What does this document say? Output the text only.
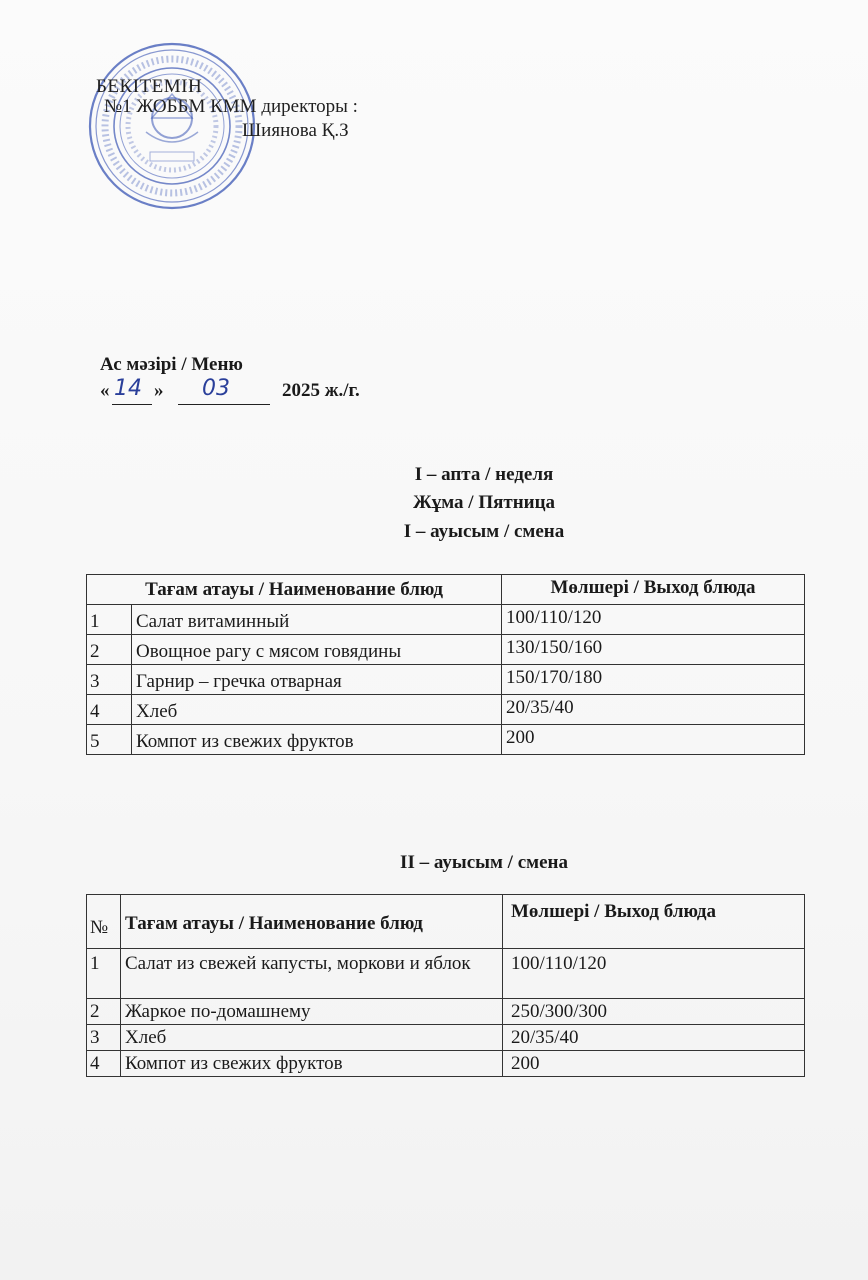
БЕКІТЕМІН
№1 ЖОББМ КММ директоры :
Шиянова Қ.З
Ас мәзірі / Меню
« 14 » 03	2025 ж./г.
I – апта / неделя
Жұма / Пятница
I – ауысым / смена
Тағам атауы / Наименование блюд		Мөлшері / Выход блюда
1	Салат витаминный	100/110/120
2	Овощное рагу с мясом говядины	130/150/160
3	Гарнир – гречка отварная	150/170/180
4	Хлеб	20/35/40
5	Компот из свежих фруктов	200
II – ауысым / смена
№	Тағам атауы / Наименование блюд	Мөлшері / Выход блюда
1	Салат из свежей капусты, моркови и яблок	100/110/120
2	Жаркое по-домашнему	250/300/300
3	Хлеб	20/35/40
4	Компот из свежих фруктов	200
